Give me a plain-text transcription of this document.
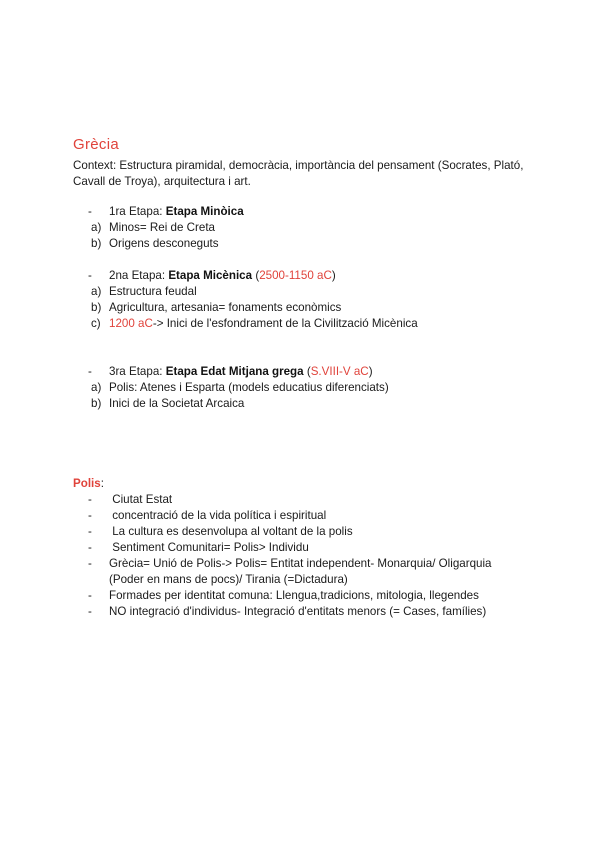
Grècia
Context: Estructura piramidal, democràcia, importància del pensament (Socrates, Plató, Cavall de Troya), arquitectura i art.
- 1ra Etapa: Etapa Minòica
a) Minos= Rei de Creta
b) Origens desconeguts
- 2na Etapa: Etapa Micènica (2500-1150 aC)
a) Estructura feudal
b) Agricultura, artesania= fonaments econòmics
c) 1200 aC-> Inici de l'esfondrament de la Civilització Micènica
- 3ra Etapa: Etapa Edat Mitjana grega (S.VIII-V aC)
a) Polis: Atenes i Esparta (models educatius diferenciats)
b) Inici de la Societat Arcaica
Polis:
- Ciutat Estat
- concentració de la vida política i espiritual
- La cultura es desenvolupa al voltant de la polis
- Sentiment Comunitari= Polis> Individu
- Grècia= Unió de Polis-> Polis= Entitat independent- Monarquia/ Oligarquia
(Poder en mans de pocs)/ Tirania (=Dictadura)
- Formades per identitat comuna: Llengua,tradicions, mitologia, llegendes
- NO integració d'individus- Integració d'entitats menors (= Cases, famílies)
